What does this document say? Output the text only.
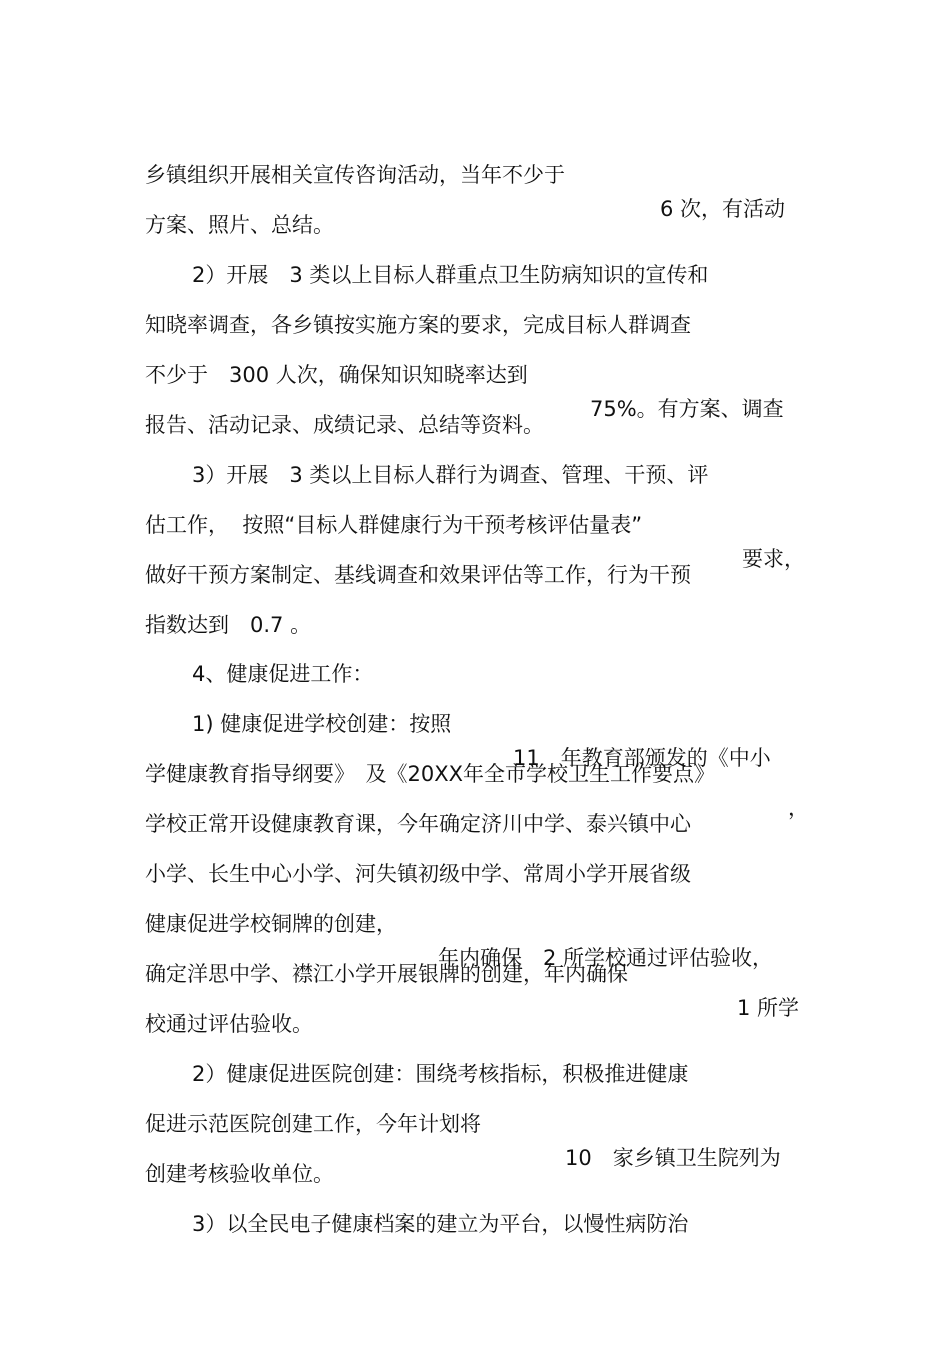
乡镇组织开展相关宣传咨询活动，当年不少于

6 次，有活动

方案、照片、总结。

2）开展　3 类以上目标人群重点卫生防病知识的宣传和

知晓率调查，各乡镇按实施方案的要求，完成目标人群调查

不少于　300 人次，确保知识知晓率达到

75%。有方案、调查

报告、活动记录、成绩记录、总结等资料。

3）开展　3 类以上目标人群行为调查、管理、干预、评

估工作，  按照“目标人群健康行为干预考核评估量表”

要求，

做好干预方案制定、基线调查和效果评估等工作，行为干预

指数达到　0.7 。

4、健康促进工作：

1) 健康促进学校创建：按照

11　年教育部颁发的《中小

学健康教育指导纲要》　及《20XX年全市学校卫生工作要点》

，

学校正常开设健康教育课，今年确定济川中学、泰兴镇中心

小学、长生中心小学、河失镇初级中学、常周小学开展省级

健康促进学校铜牌的创建，

年内确保　2 所学校通过评估验收，

确定洋思中学、襟江小学开展银牌的创建，年内确保

1 所学

校通过评估验收。

2）健康促进医院创建：围绕考核指标，积极推进健康

促进示范医院创建工作，今年计划将

10　家乡镇卫生院列为

创建考核验收单位。

3）以全民电子健康档案的建立为平台，以慢性病防治
